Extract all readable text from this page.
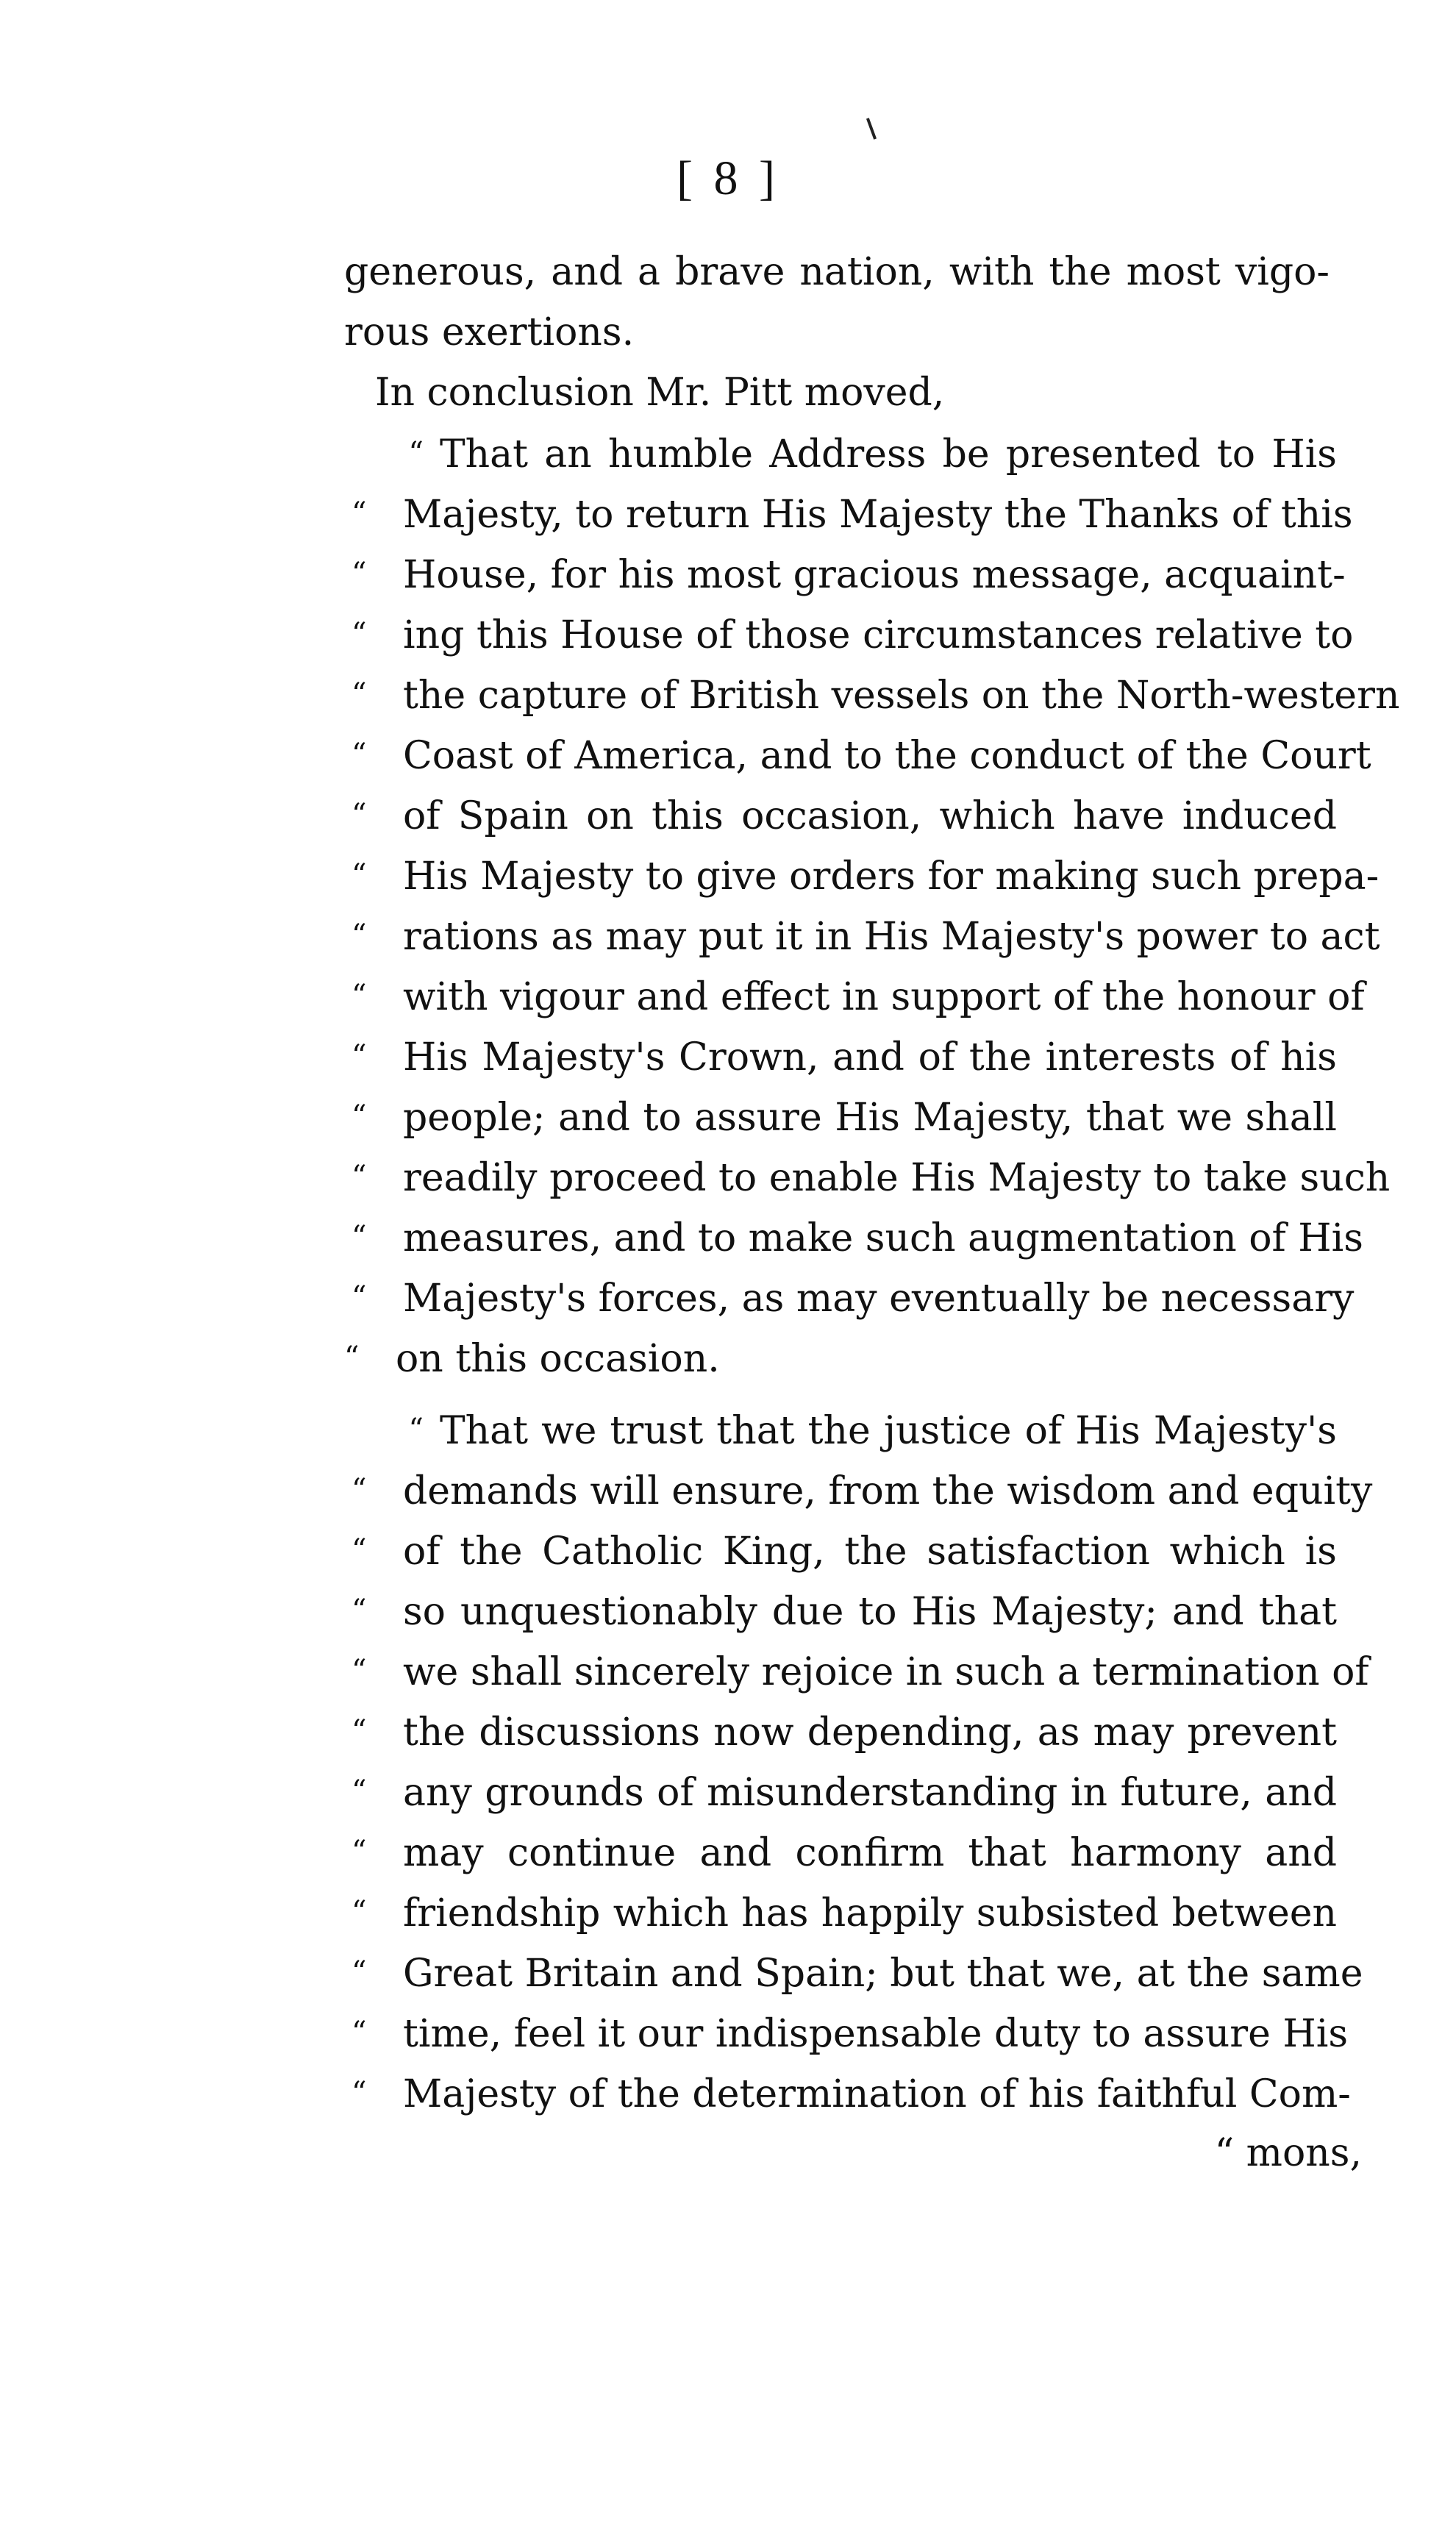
[ 8 ]
generous, and a brave nation, with the most vigo-
rous exertions.
In conclusion Mr. Pitt moved,
“ That an humble Address be presented to His
“ Majesty, to return His Majesty the Thanks of this
“ House, for his most gracious message, acquaint-
“ ing this House of those circumstances relative to
“ the capture of British vessels on the North-western
“ Coast of America, and to the conduct of the Court
“ of Spain on this occasion, which have induced
“ His Majesty to give orders for making such prepa-
“ rations as may put it in His Majesty's power to act
“ with vigour and effect in support of the honour of
“ His Majesty's Crown, and of the interests of his
“ people; and to assure His Majesty, that we shall
“ readily proceed to enable His Majesty to take such
“ measures, and to make such augmentation of His
“ Majesty's forces, as may eventually be necessary
“ on this occasion.
“ That we trust that the justice of His Majesty's
“ demands will ensure, from the wisdom and equity
“ of the Catholic King, the satisfaction which is
“ so unquestionably due to His Majesty; and that
“ we shall sincerely rejoice in such a termination of
“ the discussions now depending, as may prevent
“ any grounds of misunderstanding in future, and
“ may continue and confirm that harmony and
“ friendship which has happily subsisted between
“ Great Britain and Spain; but that we, at the same
“ time, feel it our indispensable duty to assure His
“ Majesty of the determination of his faithful Com-
“ mons,
